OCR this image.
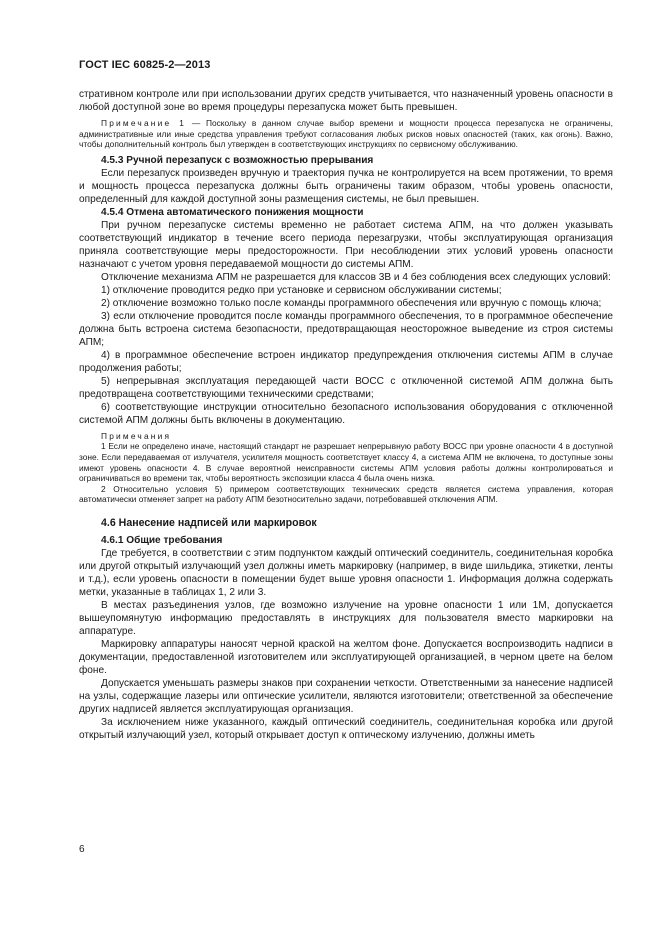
ГОСТ IEC 60825-2—2013

стративном контроле или при использовании других средств учитывается, что назначенный уровень опасности в любой доступной зоне во время процедуры перезапуска может быть превышен.

Примечание 1 — Поскольку в данном случае выбор времени и мощности процесса перезапуска не ограничены, административные или иные средства управления требуют согласования любых рисков новых опасностей (таких, как огонь). Важно, чтобы дополнительный контроль был утвержден в соответствующих инструкциях по сервисному обслуживанию.

4.5.3 Ручной перезапуск с возможностью прерывания

Если перезапуск произведен вручную и траектория пучка не контролируется на всем протяжении, то время и мощность процесса перезапуска должны быть ограничены таким образом, чтобы уровень опасности, определенный для каждой доступной зоны размещения системы, не был превышен.

4.5.4 Отмена автоматического понижения мощности

При ручном перезапуске системы временно не работает система АПМ, на что должен указывать соответствующий индикатор в течение всего периода перезагрузки, чтобы эксплуатирующая организация приняла соответствующие меры предосторожности. При несоблюдении этих условий уровень опасности назначают с учетом уровня передаваемой мощности до системы АПМ.

Отключение механизма АПМ не разрешается для классов 3В и 4 без соблюдения всех следующих условий:

1) отключение проводится редко при установке и сервисном обслуживании системы;

2) отключение возможно только после команды программного обеспечения или вручную с помощь ключа;

3) если отключение проводится после команды программного обеспечения, то в программное обеспечение должна быть встроена система безопасности, предотвращающая неосторожное выведение из строя системы АПМ;

4) в программное обеспечение встроен индикатор предупреждения отключения системы АПМ в случае продолжения работы;

5) непрерывная эксплуатация передающей части ВОСС с отключенной системой АПМ должна быть предотвращена соответствующими техническими средствами;

6) соответствующие инструкции относительно безопасного использования оборудования с отключенной системой АПМ должны быть включены в документацию.

Примечания

1 Если не определено иначе, настоящий стандарт не разрешает непрерывную работу ВОСС при уровне опасности 4 в доступной зоне. Если передаваемая от излучателя, усилителя мощность соответствует классу 4, а система АПМ не включена, то доступные зоны имеют уровень опасности 4. В случае вероятной неисправности системы АПМ условия работы должны контролироваться и ограничиваться во времени так, чтобы вероятность экспозиции класса 4 была очень низка.

2 Относительно условия 5) примером соответствующих технических средств является система управления, которая автоматически отменяет запрет на работу АПМ безотносительно задачи, потребовавшей отключения АПМ.

4.6 Нанесение надписей или маркировок
4.6.1 Общие требования

Где требуется, в соответствии с этим подпунктом каждый оптический соединитель, соединительная коробка или другой открытый излучающий узел должны иметь маркировку (например, в виде шильдика, этикетки, ленты и т.д.), если уровень опасности в помещении будет выше уровня опасности 1. Информация должна содержать метки, указанные в таблицах 1, 2 или 3.

В местах разъединения узлов, где возможно излучение на уровне опасности 1 или 1М, допускается вышеупомянутую информацию предоставлять в инструкциях для пользователя вместо маркировки на аппаратуре.

Маркировку аппаратуры наносят черной краской на желтом фоне. Допускается воспроизводить надписи в документации, предоставленной изготовителем или эксплуатирующей организацией, в черном цвете на белом фоне.

Допускается уменьшать размеры знаков при сохранении четкости. Ответственными за нанесение надписей на узлы, содержащие лазеры или оптические усилители, являются изготовители; ответственной за обеспечение других надписей является эксплуатирующая организация.

За исключением ниже указанного, каждый оптический соединитель, соединительная коробка или другой открытый излучающий узел, который открывает доступ к оптическому излучению, должны иметь

6
